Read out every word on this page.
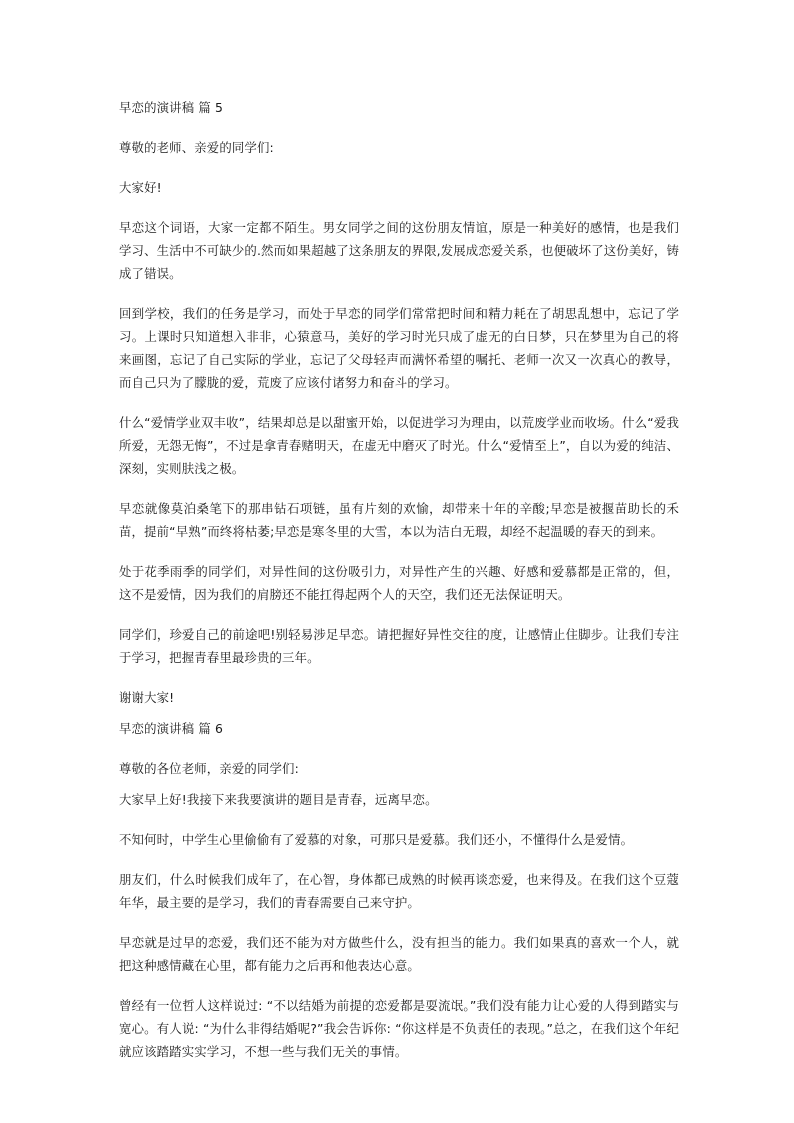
早恋的演讲稿 篇 5

尊敬的老师、亲爱的同学们:

大家好!

早恋这个词语，大家一定都不陌生。男女同学之间的这份朋友情谊，原是一种美好的感情，也是我们学习、生活中不可缺少的.然而如果超越了这条朋友的界限,发展成恋爱关系，也便破坏了这份美好，铸成了错误。

回到学校，我们的任务是学习，而处于早恋的同学们常常把时间和精力耗在了胡思乱想中，忘记了学习。上课时只知道想入非非，心猿意马，美好的学习时光只成了虚无的白日梦，只在梦里为自己的将来画图，忘记了自己实际的学业，忘记了父母轻声而满怀希望的嘱托、老师一次又一次真心的教导，而自己只为了朦胧的爱，荒废了应该付诸努力和奋斗的学习。

什么“爱情学业双丰收”，结果却总是以甜蜜开始，以促进学习为理由，以荒废学业而收场。什么“爱我所爱，无怨无悔”，不过是拿青春赌明天，在虚无中磨灭了时光。什么“爱情至上”，自以为爱的纯洁、深刻，实则肤浅之极。

早恋就像莫泊桑笔下的那串钻石项链，虽有片刻的欢愉，却带来十年的辛酸;早恋是被揠苗助长的禾苗，提前“早熟”而终将枯萎;早恋是寒冬里的大雪，本以为洁白无瑕，却经不起温暖的春天的到来。

处于花季雨季的同学们，对异性间的这份吸引力，对异性产生的兴趣、好感和爱慕都是正常的，但，这不是爱情，因为我们的肩膀还不能扛得起两个人的天空，我们还无法保证明天。

同学们，珍爱自己的前途吧!别轻易涉足早恋。请把握好异性交往的度，让感情止住脚步。让我们专注于学习，把握青春里最珍贵的三年。

谢谢大家!

早恋的演讲稿 篇 6

尊敬的各位老师，亲爱的同学们:

大家早上好!我接下来我要演讲的题目是青春，远离早恋。

不知何时，中学生心里偷偷有了爱慕的对象，可那只是爱慕。我们还小，不懂得什么是爱情。

朋友们，什么时候我们成年了，在心智，身体都已成熟的时候再谈恋爱，也来得及。在我们这个豆蔻年华，最主要的是学习，我们的青春需要自己来守护。

早恋就是过早的恋爱，我们还不能为对方做些什么，没有担当的能力。我们如果真的喜欢一个人，就把这种感情藏在心里，都有能力之后再和他表达心意。

曾经有一位哲人这样说过: “不以结婚为前提的恋爱都是耍流氓。”我们没有能力让心爱的人得到踏实与宽心。有人说: “为什么非得结婚呢?”我会告诉你: “你这样是不负责任的表现。”总之，在我们这个年纪就应该踏踏实实学习，不想一些与我们无关的事情。
